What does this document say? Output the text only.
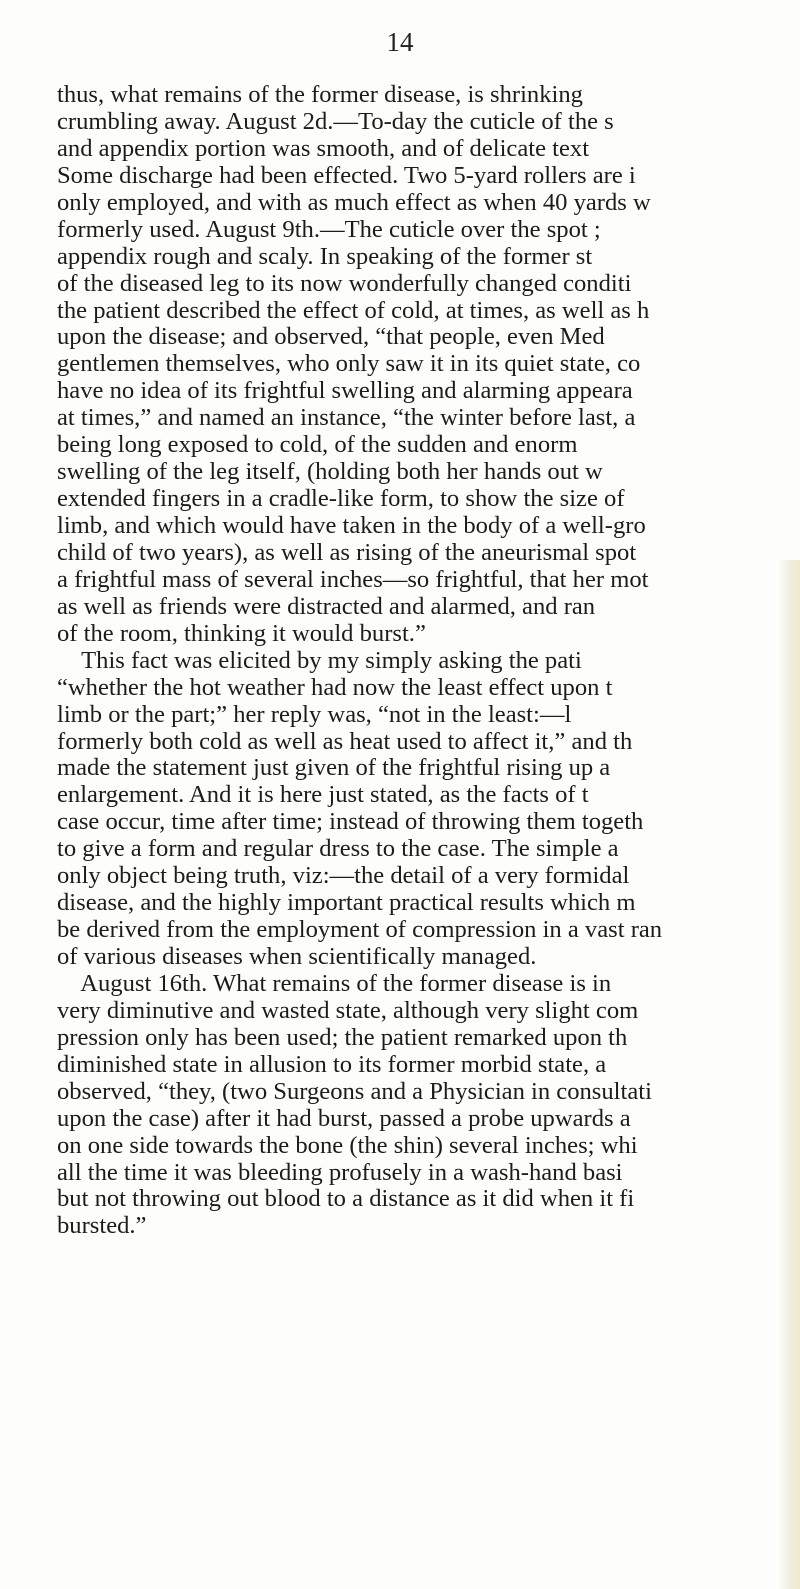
14
thus, what remains of the former disease, is shrinking
crumbling away. August 2d.—To-day the cuticle of the s
and appendix portion was smooth, and of delicate text
Some discharge had been effected. Two 5-yard rollers are i
only employed, and with as much effect as when 40 yards w
formerly used. August 9th.—The cuticle over the spot ;
appendix rough and scaly. In speaking of the former st
of the diseased leg to its now wonderfully changed conditi
the patient described the effect of cold, at times, as well as h
upon the disease; and observed, “that people, even Med
gentlemen themselves, who only saw it in its quiet state, co
have no idea of its frightful swelling and alarming appeara
at times,” and named an instance, “the winter before last, a
being long exposed to cold, of the sudden and enorm
swelling of the leg itself, (holding both her hands out w
extended fingers in a cradle-like form, to show the size of
limb, and which would have taken in the body of a well-gro
child of two years), as well as rising of the aneurismal spot
a frightful mass of several inches—so frightful, that her mot
as well as friends were distracted and alarmed, and ran
of the room, thinking it would burst.”
This fact was elicited by my simply asking the pati
“whether the hot weather had now the least effect upon t
limb or the part;” her reply was, “not in the least:—l
formerly both cold as well as heat used to affect it,” and th
made the statement just given of the frightful rising up a
enlargement. And it is here just stated, as the facts of t
case occur, time after time; instead of throwing them togeth
to give a form and regular dress to the case. The simple a
only object being truth, viz:—the detail of a very formidal
disease, and the highly important practical results which m
be derived from the employment of compression in a vast ran
of various diseases when scientifically managed.
August 16th. What remains of the former disease is in
very diminutive and wasted state, although very slight com
pression only has been used; the patient remarked upon th
diminished state in allusion to its former morbid state, a
observed, “they, (two Surgeons and a Physician in consultati
upon the case) after it had burst, passed a probe upwards a
on one side towards the bone (the shin) several inches; whi
all the time it was bleeding profusely in a wash-hand basi
but not throwing out blood to a distance as it did when it fi
bursted.”
